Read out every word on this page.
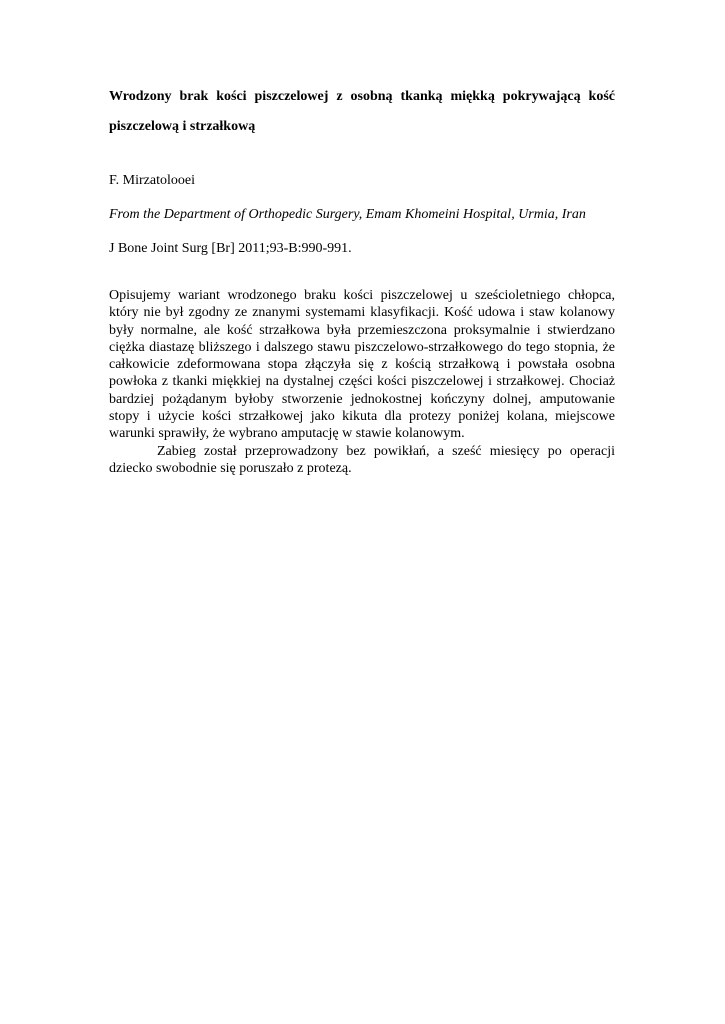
Wrodzony brak kości piszczelowej z osobną tkanką miękką pokrywającą kość piszczelową i strzałkową

F. Mirzatolooei

From the Department of Orthopedic Surgery, Emam Khomeini Hospital, Urmia, Iran

J Bone Joint Surg [Br] 2011;93-B:990-991.

Opisujemy wariant wrodzonego braku kości piszczelowej u sześcioletniego chłopca, który nie był zgodny ze znanymi systemami klasyfikacji. Kość udowa i staw kolanowy były normalne, ale kość strzałkowa była przemieszczona proksymalnie i stwierdzano ciężka diastazę bliższego i dalszego stawu piszczelowo-strzałkowego do tego stopnia, że całkowicie zdeformowana stopa złączyła się z kością strzałkową i powstała osobna powłoka z tkanki miękkiej na dystalnej części kości piszczelowej i strzałkowej. Chociaż bardziej pożądanym byłoby stworzenie jednokostnej kończyny dolnej, amputowanie stopy i użycie kości strzałkowej jako kikuta dla protezy poniżej kolana, miejscowe warunki sprawiły, że wybrano amputację w stawie kolanowym.

Zabieg został przeprowadzony bez powikłań, a sześć miesięcy po operacji dziecko swobodnie się poruszało z protezą.
